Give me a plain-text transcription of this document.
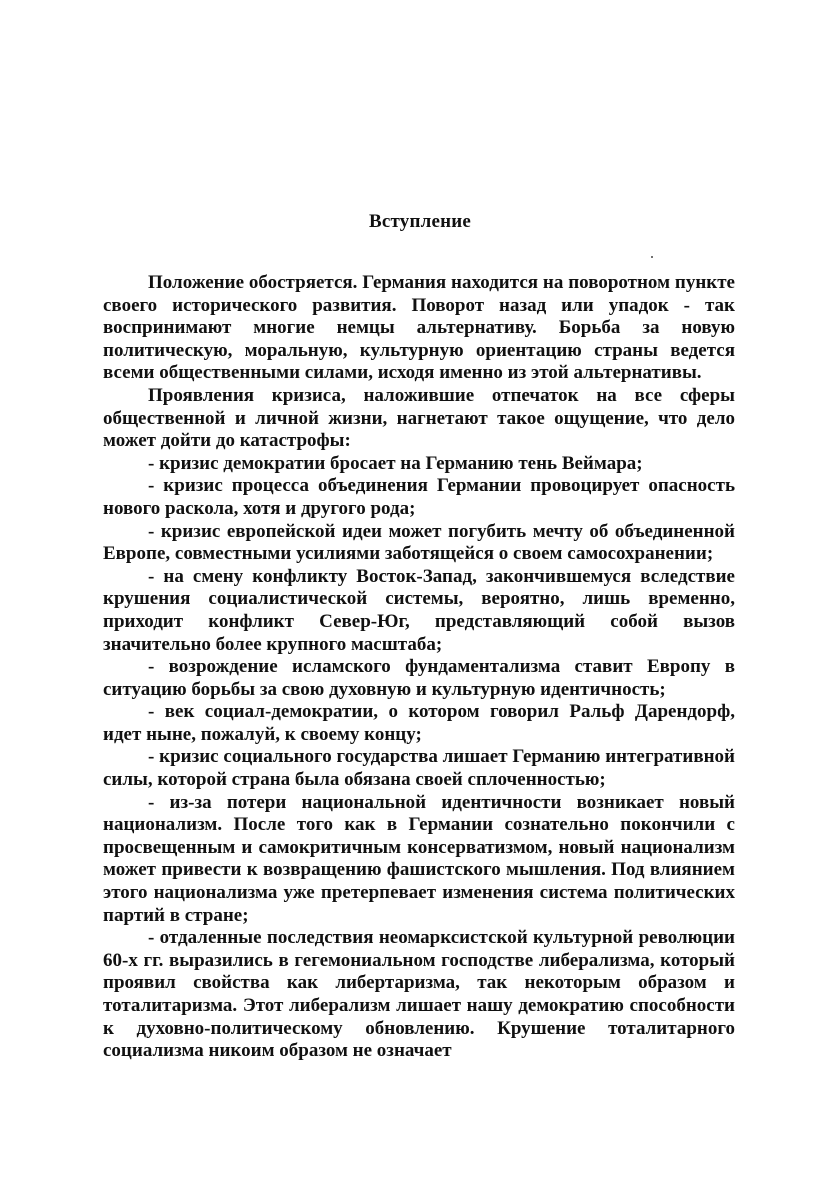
Вступление

Положение обостряется. Германия находится на поворотном пункте своего исторического развития. Поворот назад или упадок - так воспринимают многие немцы альтернативу. Борьба за новую политическую, моральную, культурную ориентацию страны ведется всеми общественными силами, исходя именно из этой альтернативы.

Проявления кризиса, наложившие отпечаток на все сферы общественной и личной жизни, нагнетают такое ощущение, что дело может дойти до катастрофы:

- кризис демократии бросает на Германию тень Веймара;

- кризис процесса объединения Германии провоцирует опасность нового раскола, хотя и другого рода;

- кризис европейской идеи может погубить мечту об объединенной Европе, совместными усилиями заботящейся о своем самосохранении;

- на смену конфликту Восток-Запад, закончившемуся вследствие крушения социалистической системы, вероятно, лишь временно, приходит конфликт Север-Юг, представляющий собой вызов значительно более крупного масштаба;

- возрождение исламского фундаментализма ставит Европу в ситуацию борьбы за свою духовную и культурную идентичность;

- век социал-демократии, о котором говорил Ральф Дарендорф, идет ныне, пожалуй, к своему концу;

- кризис социального государства лишает Германию интегративной силы, которой страна была обязана своей сплоченностью;

- из-за потери национальной идентичности возникает новый национализм. После того как в Германии сознательно покончили с просвещенным и самокритичным консерватизмом, новый национализм может привести к возвращению фашистского мышления. Под влиянием этого национализма уже претерпевает изменения система политических партий в стране;

- отдаленные последствия неомарксистской культурной революции 60-х гг. выразились в гегемониальном господстве либерализма, который проявил свойства как либертаризма, так некоторым образом и тоталитаризма. Этот либерализм лишает нашу демократию способности к духовно-политическому обновлению. Крушение тоталитарного социализма никоим образом не означает
